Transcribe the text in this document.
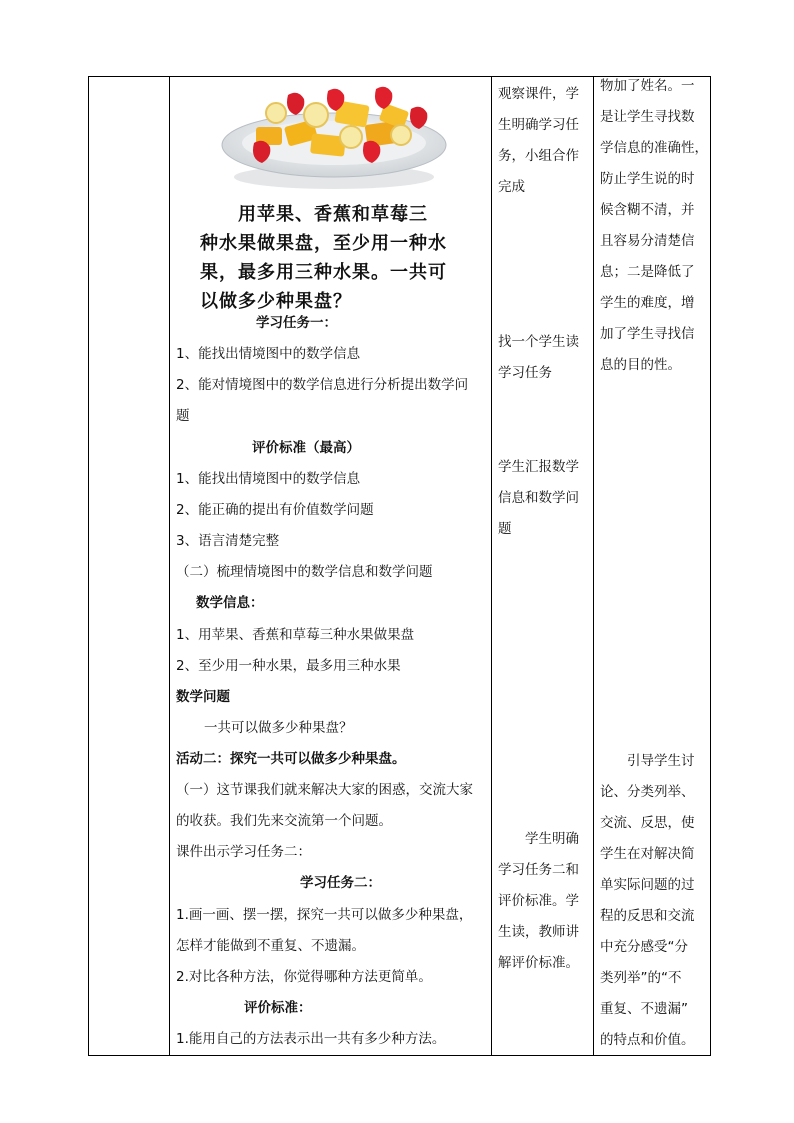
　　用苹果、香蕉和草莓三
种水果做果盘，至少用一种水
果，最多用三种水果。一共可
以做多少种果盘？
学习任务一：
1、能找出情境图中的数学信息
2、能对情境图中的数学信息进行分析提出数学问
题
评价标准（最高）
1、能找出情境图中的数学信息
2、能正确的提出有价值数学问题
3、语言清楚完整
（二）梳理情境图中的数学信息和数学问题
数学信息：
1、用苹果、香蕉和草莓三种水果做果盘
2、至少用一种水果，最多用三种水果
数学问题
一共可以做多少种果盘？
活动二：探究一共可以做多少种果盘。
（一）这节课我们就来解决大家的困惑，交流大家
的收获。我们先来交流第一个问题。
课件出示学习任务二：
学习任务二：
1.画一画、摆一摆，探究一共可以做多少种果盘，
怎样才能做到不重复、不遗漏。
2.对比各种方法，你觉得哪种方法更简单。
评价标准：
1.能用自己的方法表示出一共有多少种方法。

观察课件，学
生明确学习任
务，小组合作
完成
找一个学生读
学习任务
学生汇报数学
信息和数学问
题
　　学生明确
学习任务二和
评价标准。学
生读，教师讲
解评价标准。

物加了姓名。一
是让学生寻找数
学信息的准确性，
防止学生说的时
候含糊不清，并
且容易分清楚信
息；二是降低了
学生的难度，增
加了学生寻找信
息的目的性。
　　引导学生讨
论、分类列举、
交流、反思，使
学生在对解决简
单实际问题的过
程的反思和交流
中充分感受“分
类列举”的“不
重复、不遗漏”
的特点和价值。
